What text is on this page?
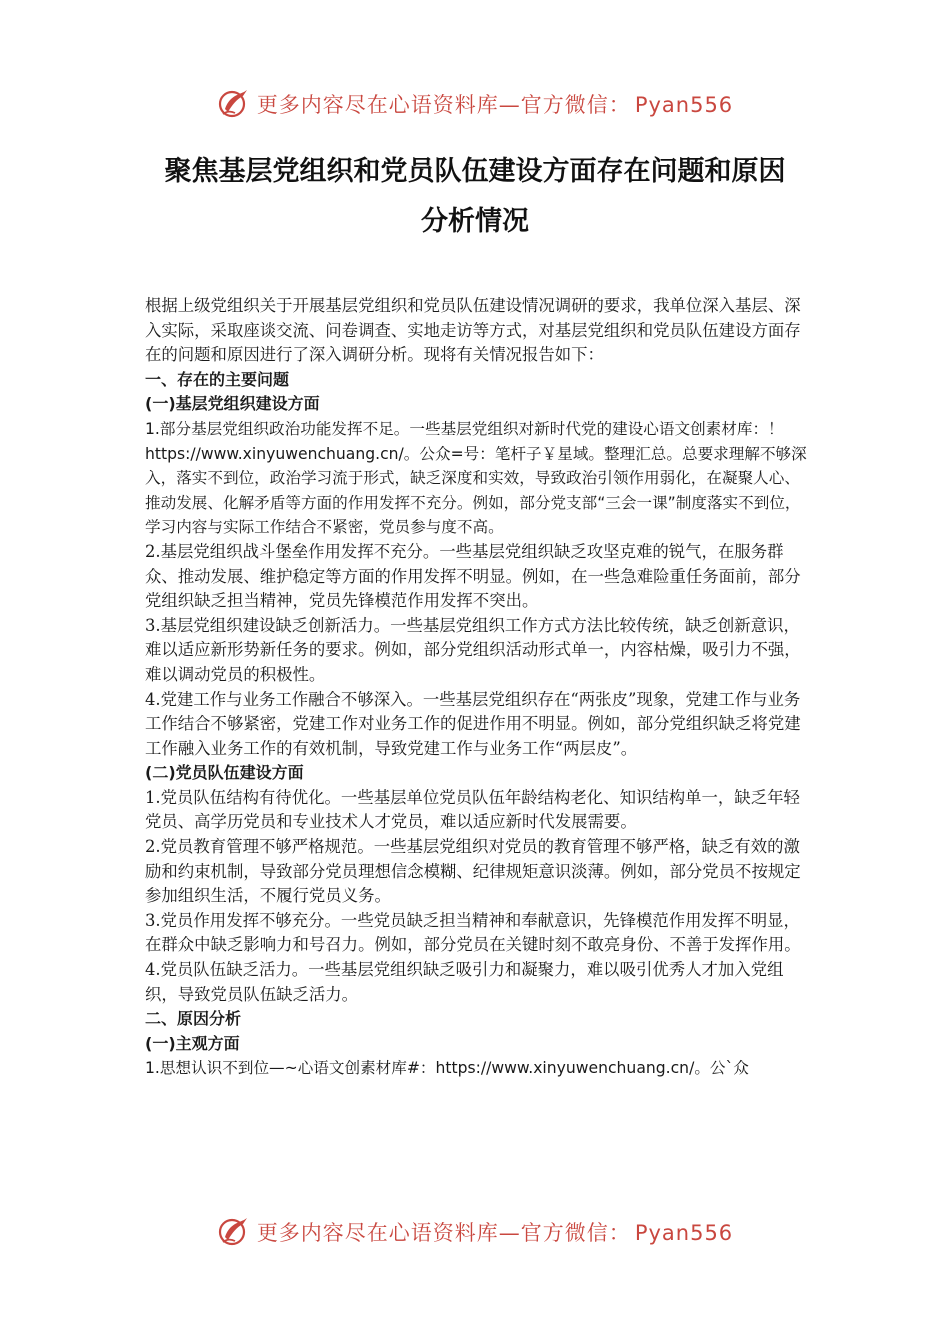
更多内容尽在心语资料库—官方微信： Pyan556
聚焦基层党组织和党员队伍建设方面存在问题和原因
分析情况

根据上级党组织关于开展基层党组织和党员队伍建设情况调研的要求，我单位深入基层、深入实际，采取座谈交流、问卷调查、实地走访等方式，对基层党组织和党员队伍建设方面存在的问题和原因进行了深入调研分析。现将有关情况报告如下：

一、存在的主要问题

(一)基层党组织建设方面

1.部分基层党组织政治功能发挥不足。一些基层党组织对新时代党的建设心语文创素材库：！ https://www.xinyuwenchuang.cn/。公众=号：笔杆子￥星域。整理汇总。总要求理解不够深入，落实不到位，政治学习流于形式，缺乏深度和实效，导致政治引领作用弱化，在凝聚人心、推动发展、化解矛盾等方面的作用发挥不充分。例如，部分党支部“三会一课”制度落实不到位，学习内容与实际工作结合不紧密，党员参与度不高。

2.基层党组织战斗堡垒作用发挥不充分。一些基层党组织缺乏攻坚克难的锐气，在服务群众、推动发展、维护稳定等方面的作用发挥不明显。例如，在一些急难险重任务面前，部分党组织缺乏担当精神，党员先锋模范作用发挥不突出。

3.基层党组织建设缺乏创新活力。一些基层党组织工作方式方法比较传统，缺乏创新意识，难以适应新形势新任务的要求。例如，部分党组织活动形式单一，内容枯燥，吸引力不强，难以调动党员的积极性。

4.党建工作与业务工作融合不够深入。一些基层党组织存在“两张皮”现象，党建工作与业务工作结合不够紧密，党建工作对业务工作的促进作用不明显。例如，部分党组织缺乏将党建工作融入业务工作的有效机制，导致党建工作与业务工作“两层皮”。

(二)党员队伍建设方面

1.党员队伍结构有待优化。一些基层单位党员队伍年龄结构老化、知识结构单一，缺乏年轻党员、高学历党员和专业技术人才党员，难以适应新时代发展需要。

2.党员教育管理不够严格规范。一些基层党组织对党员的教育管理不够严格，缺乏有效的激励和约束机制，导致部分党员理想信念模糊、纪律规矩意识淡薄。例如，部分党员不按规定参加组织生活，不履行党员义务。

3.党员作用发挥不够充分。一些党员缺乏担当精神和奉献意识，先锋模范作用发挥不明显，在群众中缺乏影响力和号召力。例如，部分党员在关键时刻不敢亮身份、不善于发挥作用。

4.党员队伍缺乏活力。一些基层党组织缺乏吸引力和凝聚力，难以吸引优秀人才加入党组织，导致党员队伍缺乏活力。

二、原因分析

(一)主观方面

1.思想认识不到位—~心语文创素材库#：https://www.xinyuwenchuang.cn/。公`众

更多内容尽在心语资料库—官方微信： Pyan556
